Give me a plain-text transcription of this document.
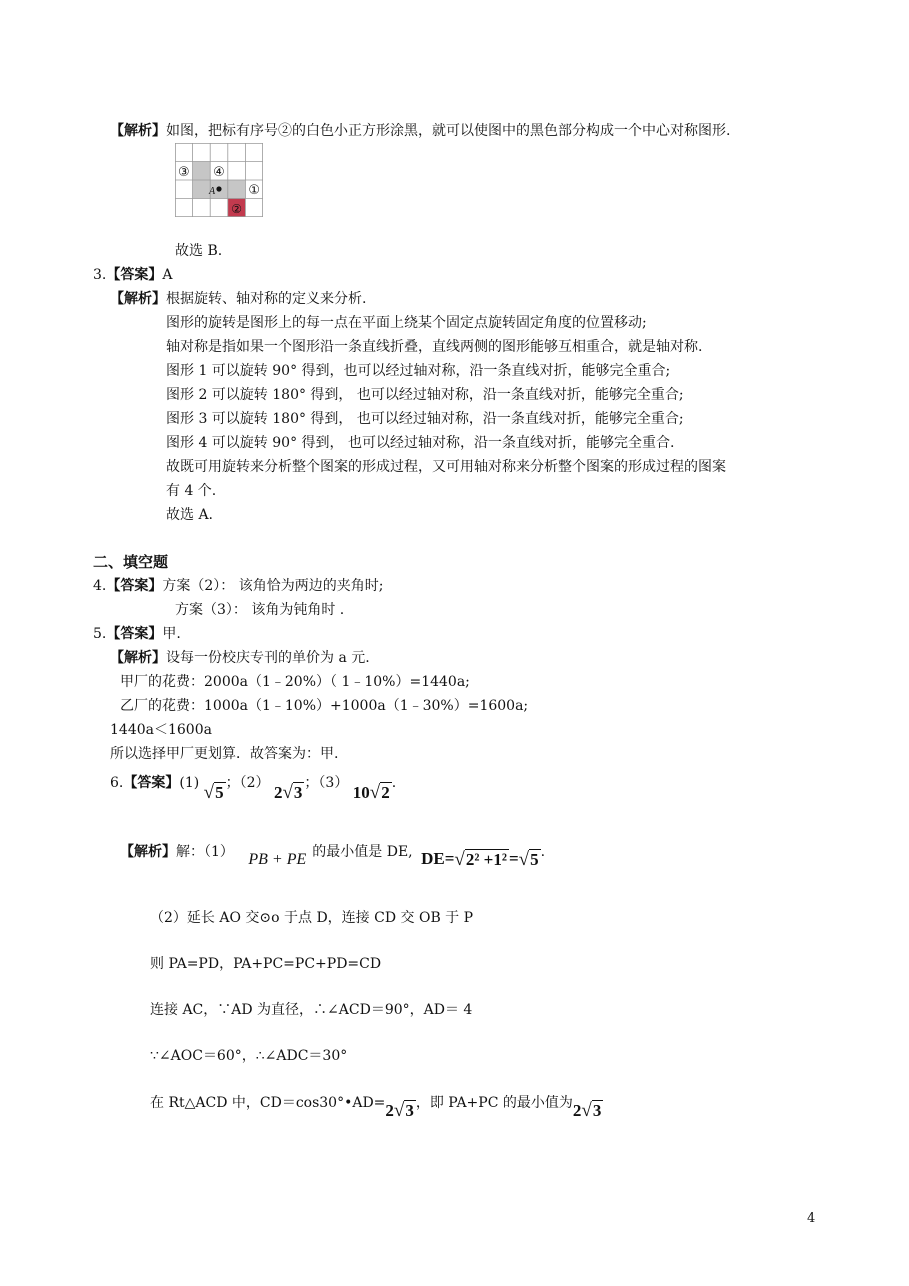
【解析】如图，把标有序号②的白色小正方形涂黑，就可以使图中的黑色部分构成一个中心对称图形.
③ ④
①
②
A
故选 B.
3.【答案】A
【解析】根据旋转、轴对称的定义来分析.
图形的旋转是图形上的每一点在平面上绕某个固定点旋转固定角度的位置移动;
轴对称是指如果一个图形沿一条直线折叠，直线两侧的图形能够互相重合，就是轴对称.
图形 1 可以旋转 90° 得到，也可以经过轴对称，沿一条直线对折，能够完全重合;
图形 2 可以旋转 180° 得到， 也可以经过轴对称，沿一条直线对折，能够完全重合;
图形 3 可以旋转 180° 得到， 也可以经过轴对称，沿一条直线对折，能够完全重合;
图形 4 可以旋转 90° 得到， 也可以经过轴对称，沿一条直线对折，能够完全重合.
故既可用旋转来分析整个图案的形成过程，又可用轴对称来分析整个图案的形成过程的图案
有 4 个.
故选 A.
二、填空题
4.【答案】方案（2）： 该角恰为两边的夹角时;
方案（3）： 该角为钝角时 .
5.【答案】甲.
【解析】设每一份校庆专刊的单价为 a 元.
甲厂的花费：2000a（1﹣20%）（ 1﹣10%）=1440a;
乙厂的花费：1000a（1﹣10%）+1000a（1﹣30%）=1600a;
1440a＜1600a
所以选择甲厂更划算．故答案为：甲.
6.【答案】(1) √5 ；（2） 2√3 ；（3） 10√2 .
【解析】解：（1） PB + PE 的最小值是 DE, DE=√2² +1² =√5 .
（2）延长 AO 交⊙o 于点 D，连接 CD 交 OB 于 P
则 PA=PD，PA+PC=PC+PD=CD
连接 AC，∵AD 为直径，∴∠ACD＝90°，AD＝ 4
∵∠AOC＝60°，∴∠ADC＝30°
在 Rt△ACD 中，CD＝cos30°•AD=2√3 ，即 PA+PC 的最小值为2√3
4
